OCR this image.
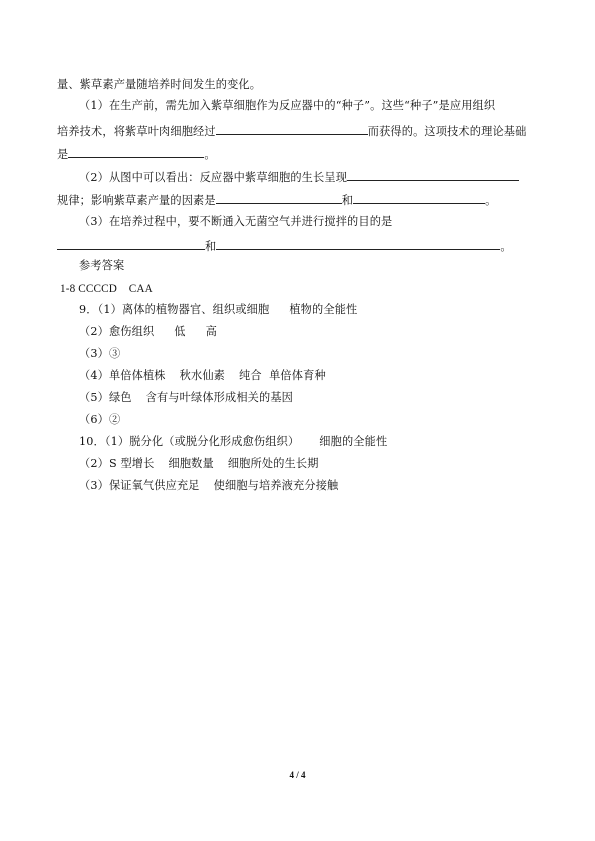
量、紫草素产量随培养时间发生的变化。
（1）在生产前，需先加入紫草细胞作为反应器中的“种子”。这些“种子”是应用组织
培养技术，将紫草叶肉细胞经过	而获得的。这项技术的理论基础
是	。
（2）从图中可以看出：反应器中紫草细胞的生长呈现
规律；影响紫草素产量的因素是	和	。
（3）在培养过程中，要不断通入无菌空气并进行搅拌的目的是
和	。
参考答案
1-8 CCCCD    CAA
9．（1）离体的植物器官、组织或细胞 植物的全能性
（2）愈伤组织 低 高
（3）③
（4）单倍体植株 秋水仙素 纯合  单倍体育种
（5）绿色 含有与叶绿体形成相关的基因
（6）②
10．（1）脱分化（或脱分化形成愈伤组织） 细胞的全能性
（2）S 型增长 细胞数量 细胞所处的生长期
（3）保证氧气供应充足 使细胞与培养液充分接触
4 / 4
